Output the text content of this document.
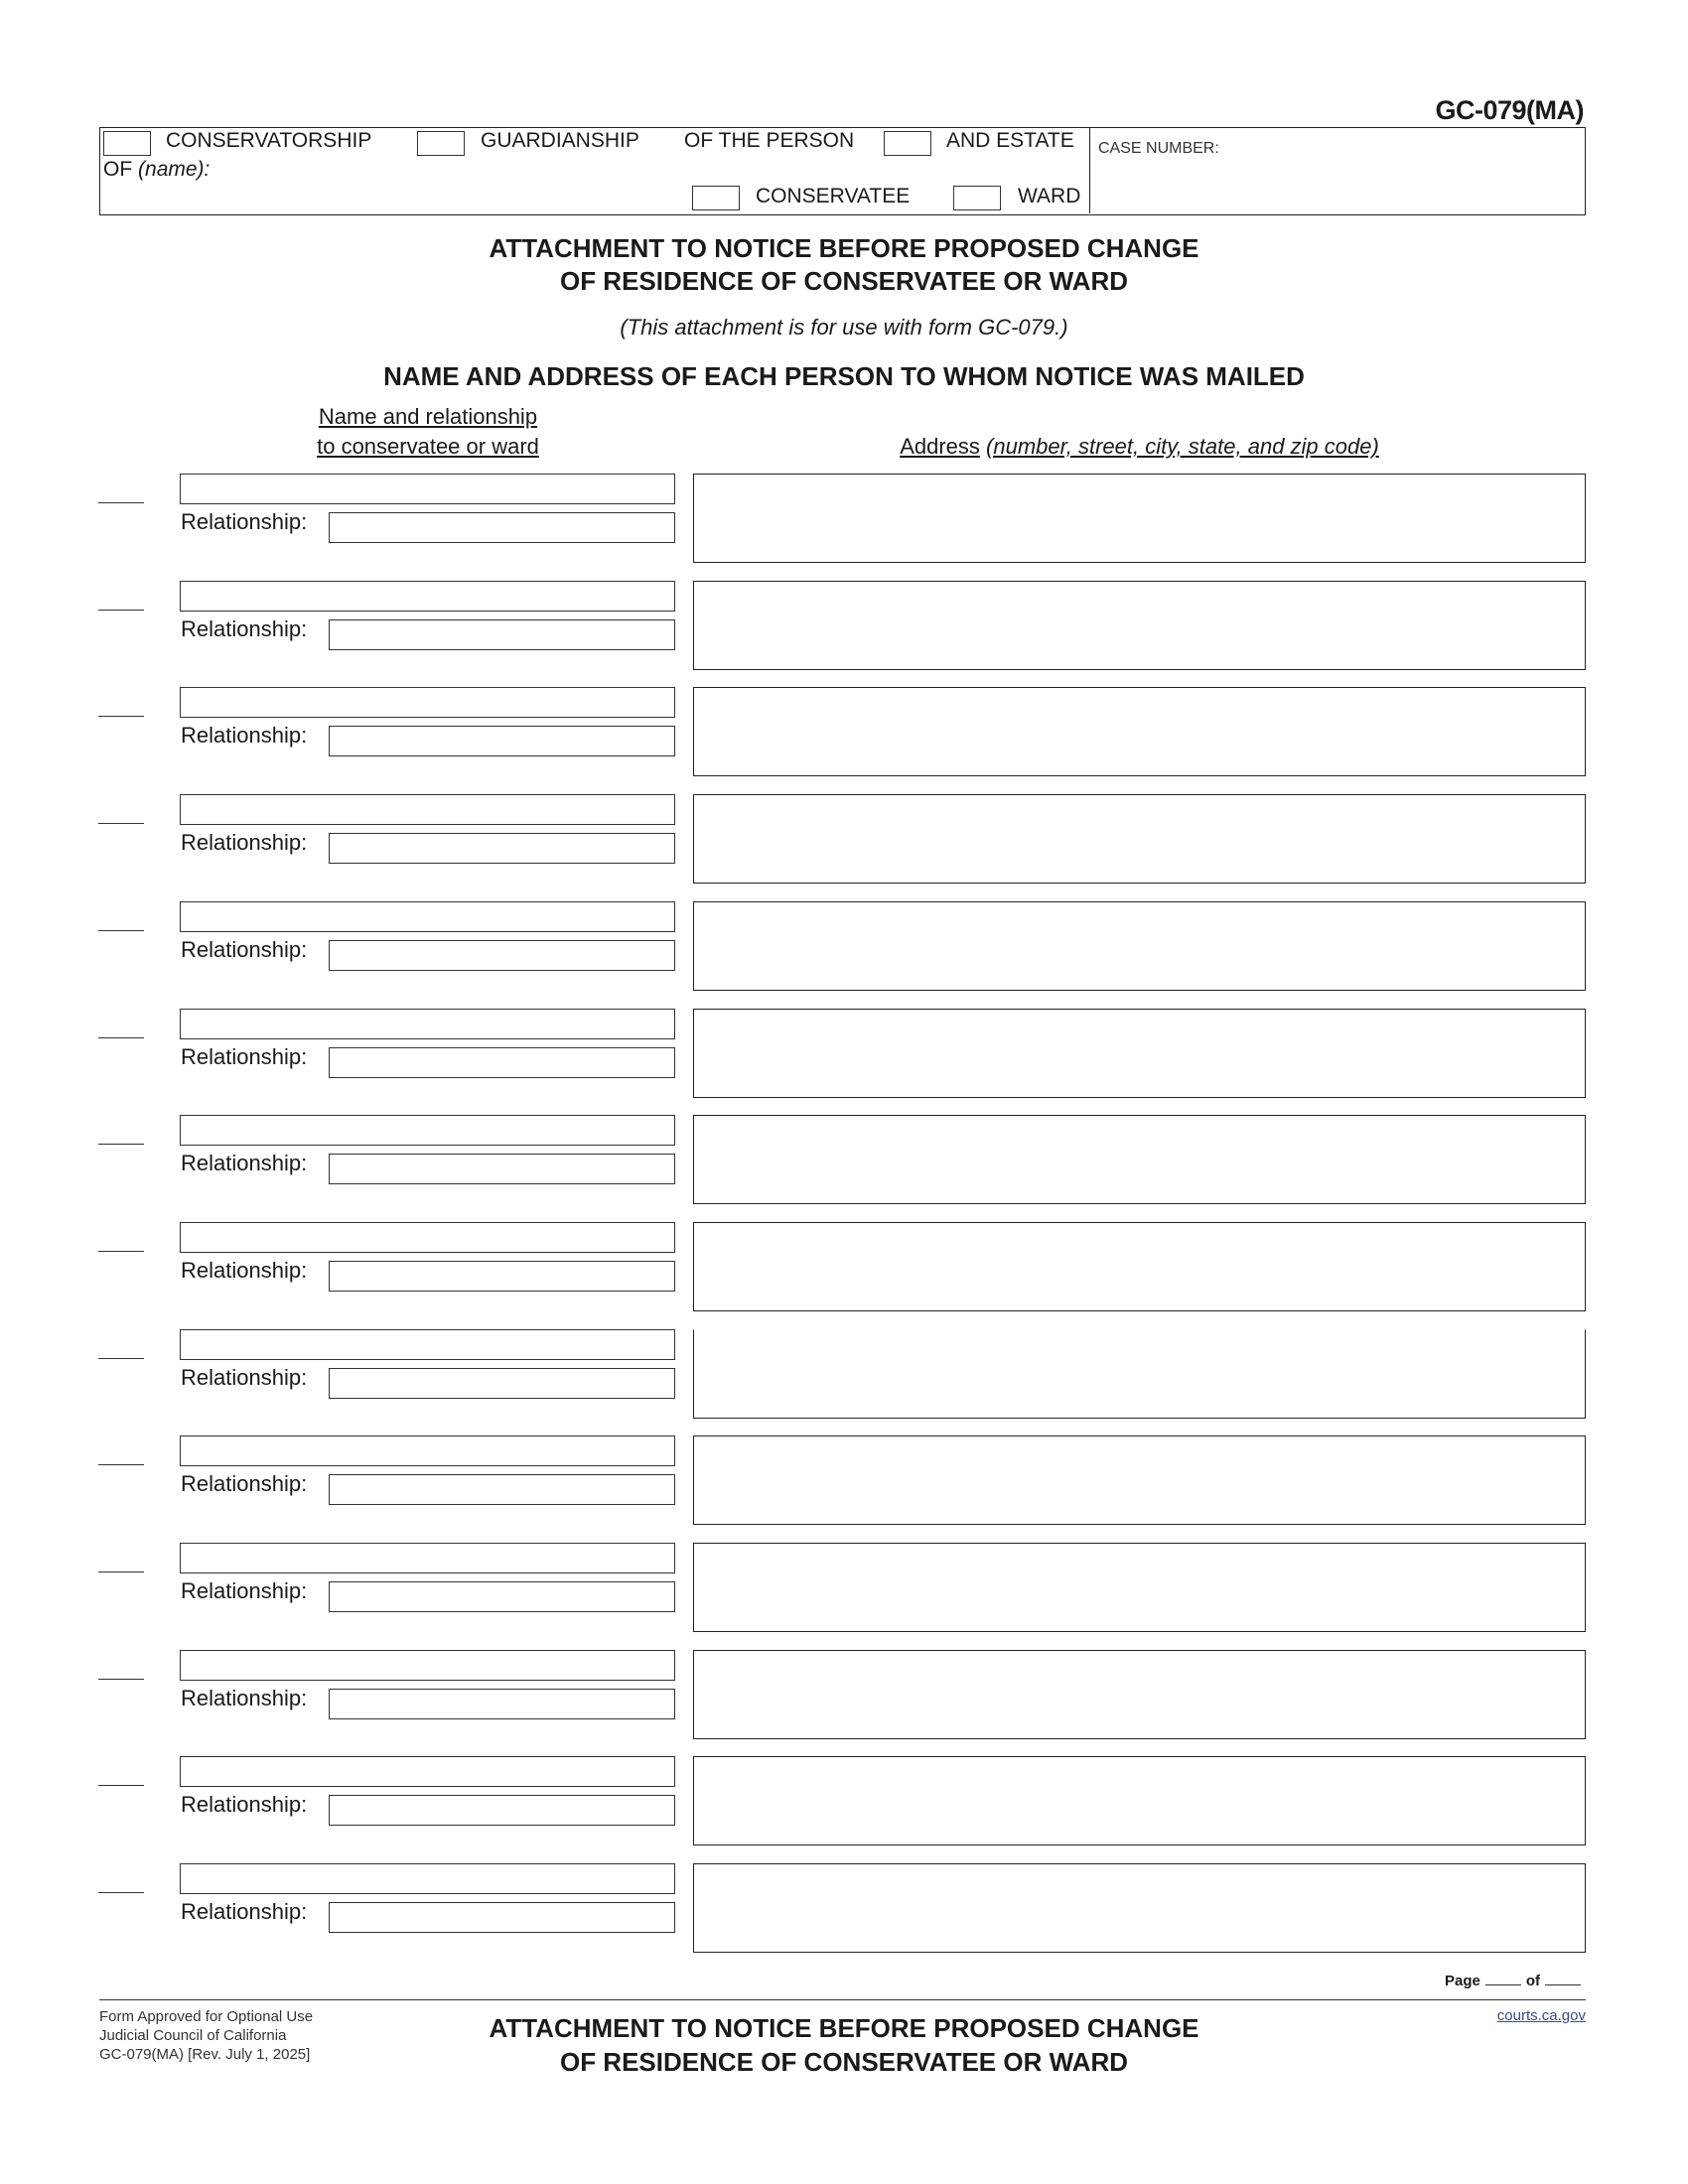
GC-079(MA)
CONSERVATORSHIP	GUARDIANSHIP OF THE PERSON	AND ESTATE
OF (name):
CONSERVATEE	WARD
CASE NUMBER:
ATTACHMENT TO NOTICE BEFORE PROPOSED CHANGE
OF RESIDENCE OF CONSERVATEE OR WARD
(This attachment is for use with form GC-079.)
NAME AND ADDRESS OF EACH PERSON TO WHOM NOTICE WAS MAILED
Name and relationship
to conservatee or ward	Address (number, street, city, state, and zip code)
Relationship:
Relationship:
Relationship:
Relationship:
Relationship:
Relationship:
Relationship:
Relationship:
Relationship:
Relationship:
Relationship:
Relationship:
Relationship:
Relationship:
Page	of
Form Approved for Optional Use
Judicial Council of California
GC-079(MA) [Rev. July 1, 2025]
ATTACHMENT TO NOTICE BEFORE PROPOSED CHANGE
OF RESIDENCE OF CONSERVATEE OR WARD
courts.ca.gov
